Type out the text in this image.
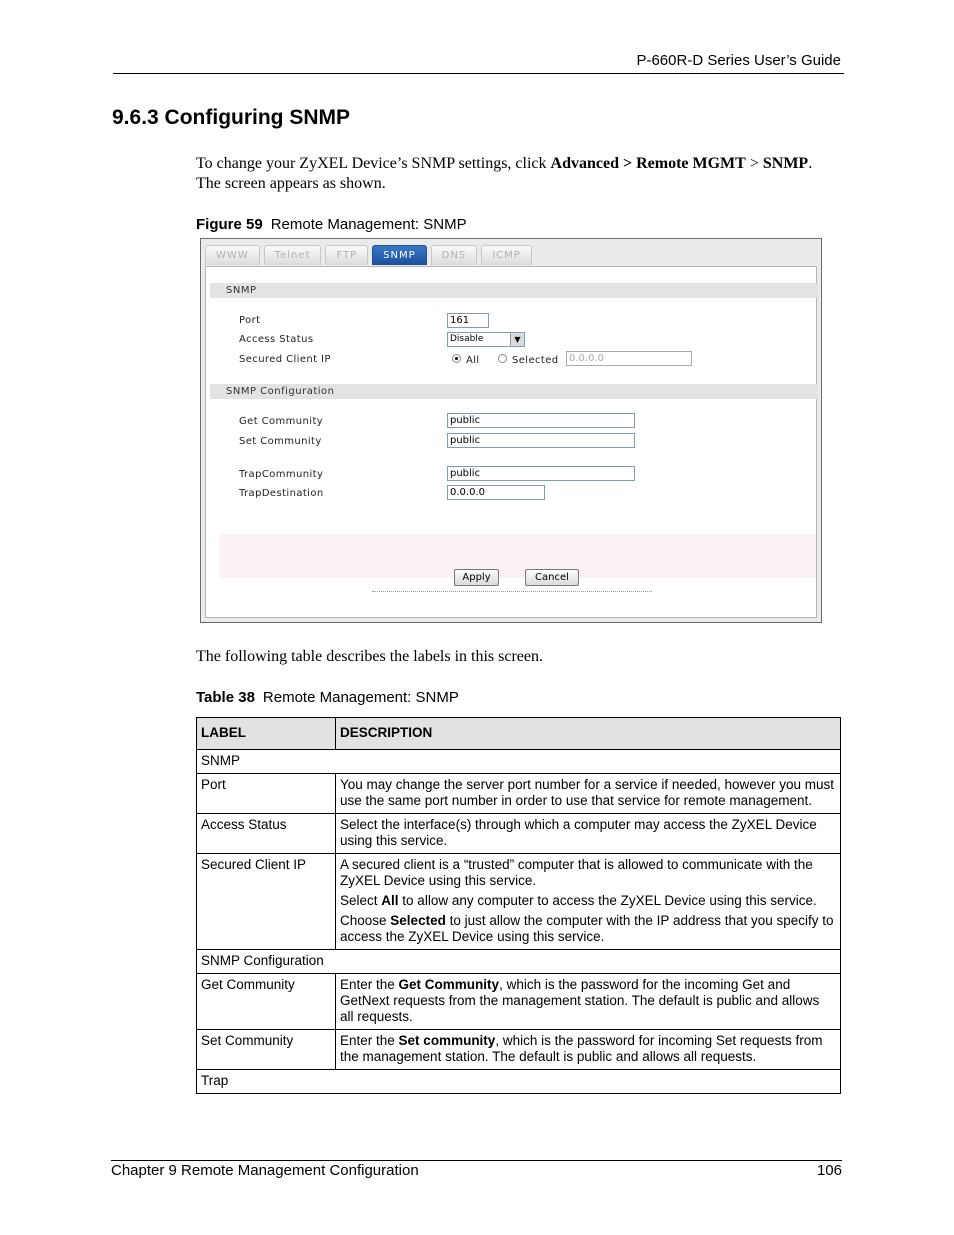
P-660R-D Series User’s Guide
9.6.3 Configuring SNMP
To change your ZyXEL Device’s SNMP settings, click Advanced > Remote MGMT > SNMP. The screen appears as shown.
Figure 59 Remote Management: SNMP
WWW	Telnet	FTP	SNMP	DNS	ICMP
SNMP
Port	161
Access Status	Disable	▼
Secured Client IP	All	Selected	0.0.0.0
SNMP Configuration
Get Community	public
Set Community	public
TrapCommunity	public
TrapDestination	0.0.0.0
Apply	Cancel
The following table describes the labels in this screen.
Table 38 Remote Management: SNMP
LABEL	DESCRIPTION
SNMP	
Port	You may change the server port number for a service if needed, however you must use the same port number in order to use that service for remote management.
Access Status	Select the interface(s) through which a computer may access the ZyXEL Device using this service.
Secured Client IP	A secured client is a “trusted” computer that is allowed to communicate with the ZyXEL Device using this service.

Select All to allow any computer to access the ZyXEL Device using this service.

Choose Selected to just allow the computer with the IP address that you specify to access the ZyXEL Device using this service.

SNMP Configuration	
Get Community	Enter the Get Community, which is the password for the incoming Get and GetNext requests from the management station. The default is public and allows all requests.
Set Community	Enter the Set community, which is the password for incoming Set requests from the management station. The default is public and allows all requests.
Trap	
Chapter 9 Remote Management Configuration	106
